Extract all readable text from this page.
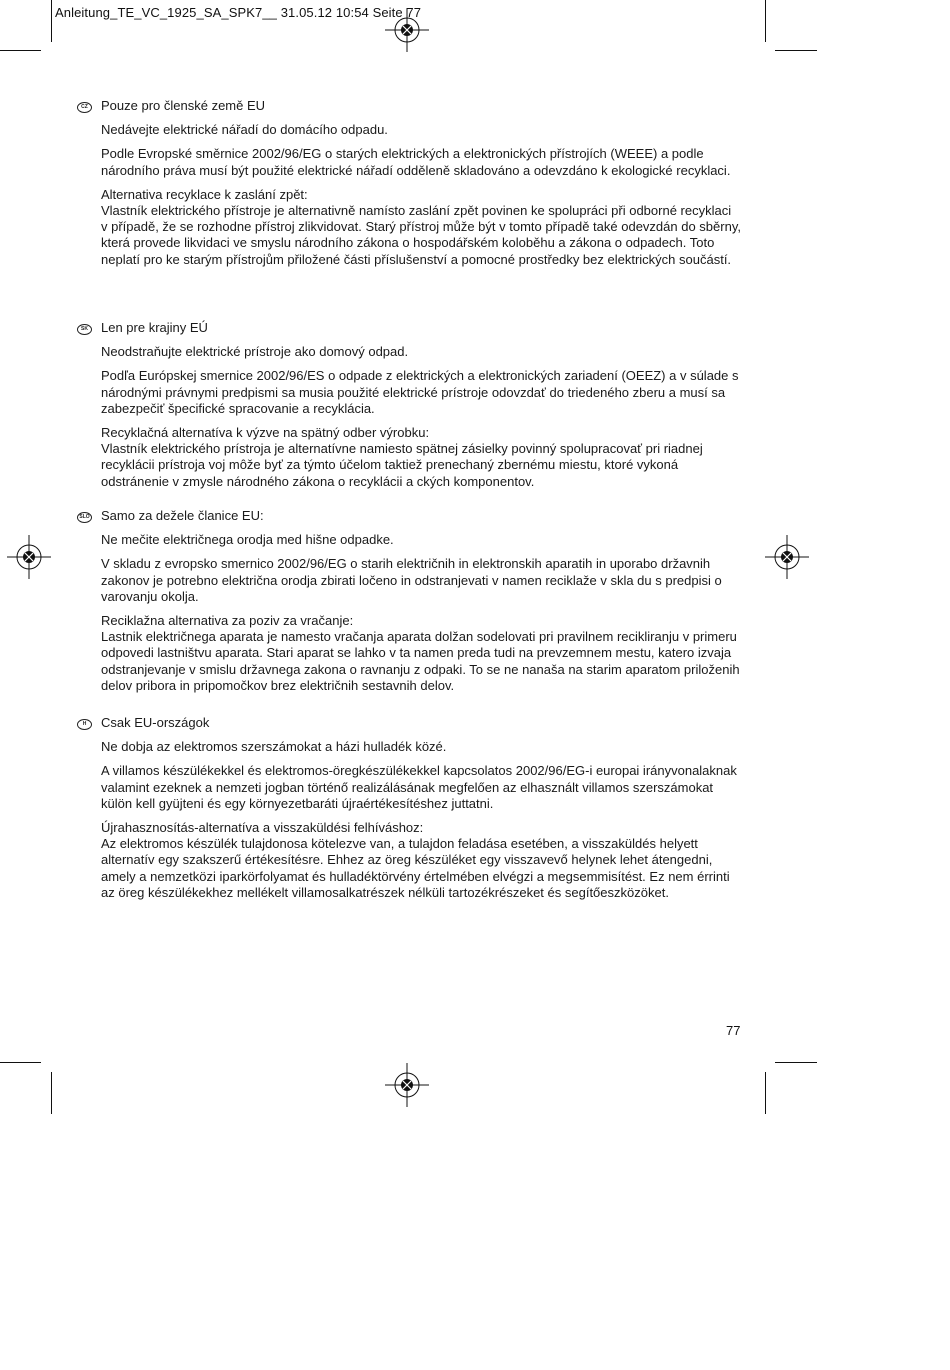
Anleitung_TE_VC_1925_SA_SPK7__ 31.05.12 10:54 Seite 77
CZ	Pouze pro členské země EU

Nedávejte elektrické nářadí do domácího odpadu.

Podle Evropské směrnice 2002/96/EG o starých elektrických a elektronických přístrojích (WEEE) a podle národního práva musí být použité elektrické nářadí odděleně skladováno a odevzdáno k ekologické recyklaci.

Alternativa recyklace k zaslání zpět:

Vlastník elektrického přístroje je alternativně namísto zaslání zpět povinen ke spolupráci při odborné recyklaci v případě, že se rozhodne přístroj zlikvidovat. Starý přístroj může být v tomto případě také odevzdán do sběrny, která provede likvidaci ve smyslu národního zákona o hospodářském koloběhu a zákona o odpadech. Toto neplatí pro ke starým přístrojům přiložené části příslušenství a pomocné prostředky bez elektrických součástí.

SK	Len pre krajiny EÚ

Neodstraňujte elektrické prístroje ako domový odpad.

Podľa Európskej smernice 2002/96/ES o odpade z elektrických a elektronických zariadení (OEEZ) a v súlade s národnými právnymi predpismi sa musia použité elektrické prístroje odovzdať do triedeného zberu a musí sa zabezpečiť špecifické spracovanie a recyklácia.

Recyklačná alternatíva k výzve na spätný odber výrobku:

Vlastník elektrického prístroja je alternatívne namiesto spätnej zásielky povinný spolupracovať pri riadnej recyklácii prístroja voj môže byť za týmto účelom taktiež prenechaný zbernému miestu, ktoré vykoná odstránenie v zmysle národného zákona o recyklácii a ckých komponentov.

SLO Samo za dežele članice EU:

Ne mečite električnega orodja med hišne odpadke.

V skladu z evropsko smernico 2002/96/EG o starih električnih in elektronskih aparatih in uporabo državnih zakonov je potrebno električna orodja zbirati ločeno in odstranjevati v namen reciklaže v skla du s predpisi o varovanju okolja.

Reciklažna alternativa za poziv za vračanje:

Lastnik električnega aparata je namesto vračanja aparata dolžan sodelovati pri pravilnem recikliranju v primeru odpovedi lastništvu aparata. Stari aparat se lahko v ta namen preda tudi na prevzemnem mestu, katero izvaja odstranjevanje v smislu državnega zakona o ravnanju z odpaki. To se ne nanaša na starim aparatom priloženih delov pribora in pripomočkov brez električnih sestavnih delov.

H	Csak EU-országok

Ne dobja az elektromos szerszámokat a házi hulladék közé.

A villamos készülékekkel és elektromos-öregkészülékekkel kapcsolatos 2002/96/EG-i europai irányvonalaknak valamint ezeknek a nemzeti jogban történő realizálásának megfelően az elhasznált villamos szerszámokat külön kell gyüjteni és egy környezetbaráti újraértékesítéshez juttatni.

Újrahasznosítás-alternatíva a visszaküldési felhíváshoz:

Az elektromos készülék tulajdonosa kötelezve van, a tulajdon feladása esetében, a visszaküldés helyett alternatív egy szakszerű értékesítésre. Ehhez az öreg készüléket egy visszavevő helynek lehet átengedni, amely a nemzetközi iparkörfolyamat és hulladéktörvény értelmében elvégzi a megsemmisítést. Ez nem érrinti az öreg készülékekhez mellékelt villamosalkatrészek nélküli tartozékrészeket és segítőeszközöket.

77
